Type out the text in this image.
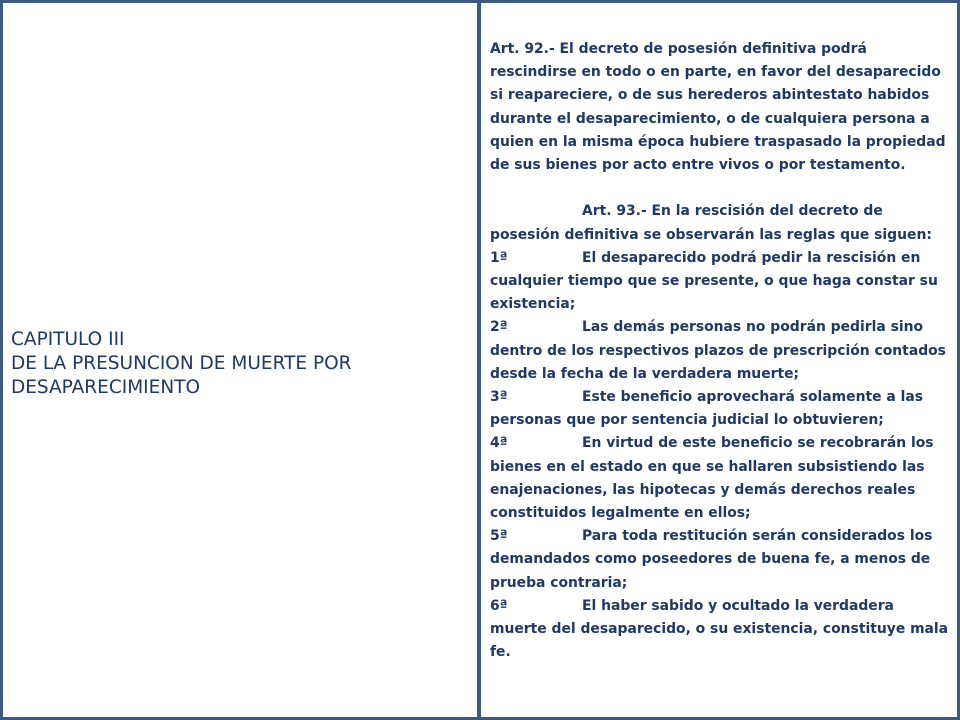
CAPITULO III
DE LA PRESUNCION DE MUERTE POR DESAPARECIMIENTO

Art. 92.- El decreto de posesión definitiva podrá rescindirse en todo o en parte, en favor del desaparecido si reapareciere, o de sus herederos abintestato habidos durante el desaparecimiento, o de cualquiera persona a quien en la misma época hubiere traspasado la propiedad de sus bienes por acto entre vivos o por testamento.

Art. 93.- En la rescisión del decreto de posesión definitiva se observarán las reglas que siguen:

1ª	El desaparecido podrá pedir la rescisión en cualquier tiempo que se presente, o que haga constar su existencia;

2ª	Las demás personas no podrán pedirla sino dentro de los respectivos plazos de prescripción contados desde la fecha de la verdadera muerte;

3ª	Este beneficio aprovechará solamente a las personas que por sentencia judicial lo obtuvieren;

4ª	En virtud de este beneficio se recobrarán los bienes en el estado en que se hallaren subsistiendo las enajenaciones, las hipotecas y demás derechos reales constituidos legalmente en ellos;

5ª	Para toda restitución serán considerados los demandados como poseedores de buena fe, a menos de prueba contraria;

6ª	El haber sabido y ocultado la verdadera muerte del desaparecido, o su existencia, constituye mala fe.
